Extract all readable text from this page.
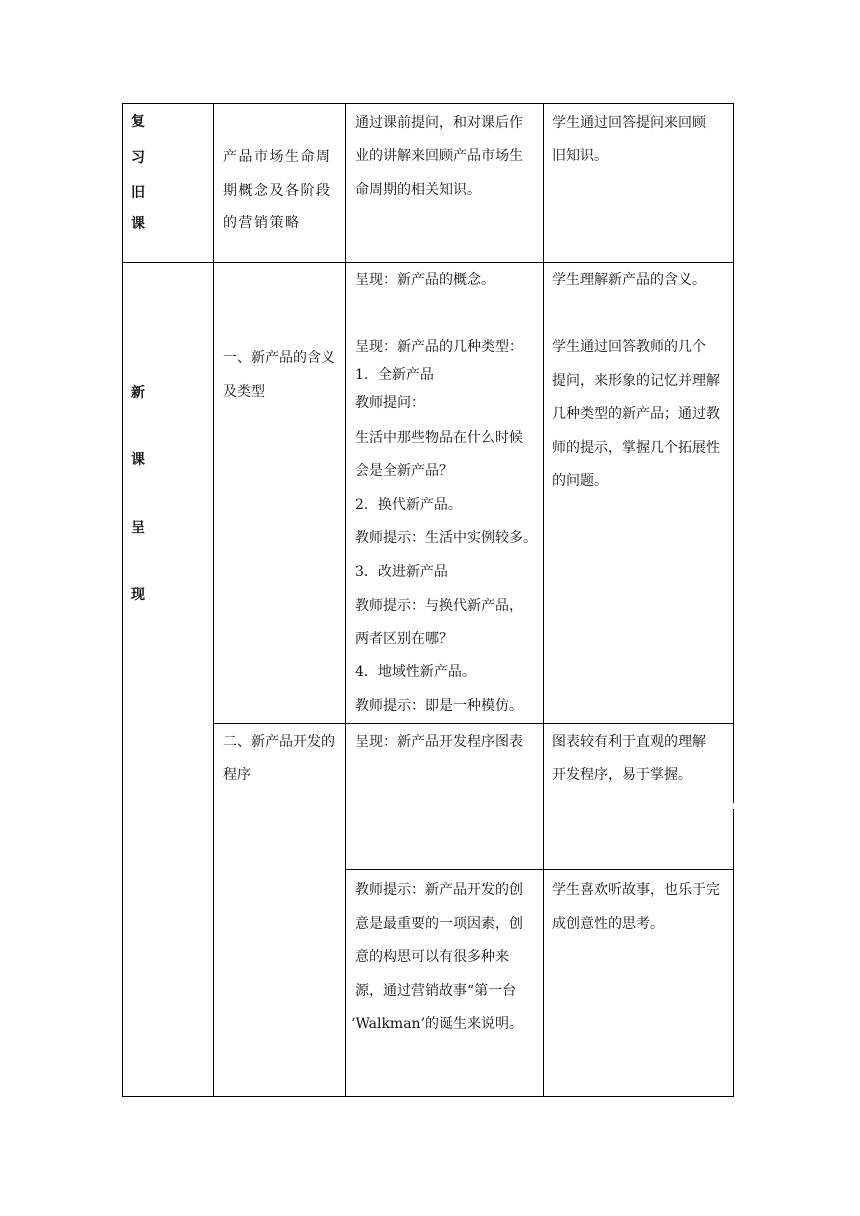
复
习
旧
课
产品市场生命周
期概念及各阶段
的营销策略
通过课前提问，和对课后作
业的讲解来回顾产品市场生
命周期的相关知识。
学生通过回答提问来回顾
旧知识。
新
课
呈
现
一、新产品的含义
及类型
呈现：新产品的概念。
呈现：新产品的几种类型：
1．全新产品
教师提问：
生活中那些物品在什么时候
会是全新产品？
2．换代新产品。
教师提示：生活中实例较多。
3．改进新产品
教师提示：与换代新产品，
两者区别在哪？
4．地域性新产品。
教师提示：即是一种模仿。
学生理解新产品的含义。
学生通过回答教师的几个
提问，来形象的记忆并理解
几种类型的新产品；通过教
师的提示，掌握几个拓展性
的问题。
二、新产品开发的
程序
呈现：新产品开发程序图表 图表较有利于直观的理解
开发程序，易于掌握。
教师提示：新产品开发的创
意是最重要的一项因素，创
意的构思可以有很多种来
源，通过营销故事“第一台
‘Walkman’的诞生来说明。
学生喜欢听故事，也乐于完
成创意性的思考。
